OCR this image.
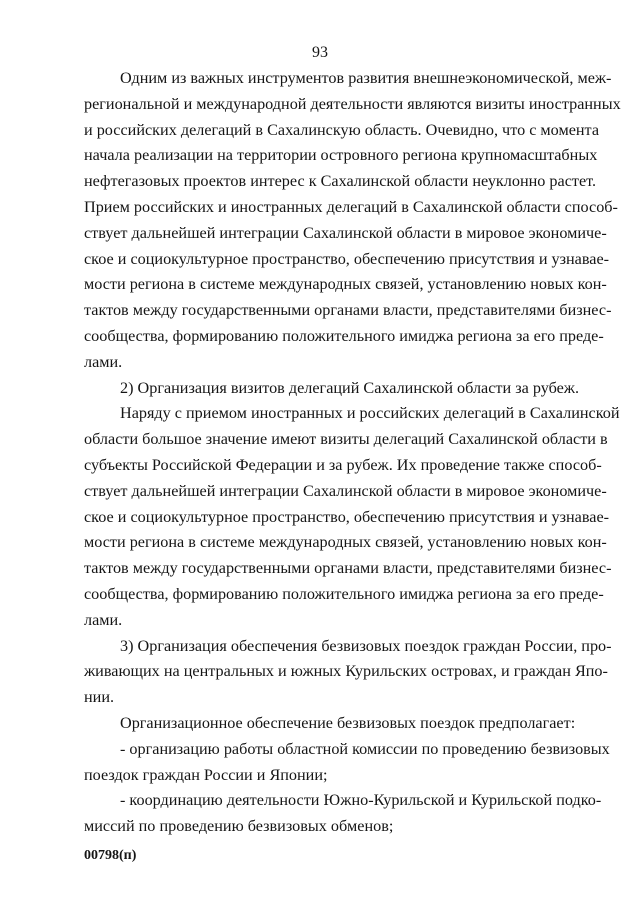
93
Одним из важных инструментов развития внешнеэкономической, меж-
региональной и международной деятельности являются визиты иностранных
и российских делегаций в Сахалинскую область. Очевидно, что с момента
начала реализации на территории островного региона крупномасштабных
нефтегазовых проектов интерес к Сахалинской области неуклонно растет.
Прием российских и иностранных делегаций в Сахалинской области способ-
ствует дальнейшей интеграции Сахалинской области в мировое экономиче-
ское и социокультурное пространство, обеспечению присутствия и узнавае-
мости региона в системе международных связей, установлению новых кон-
тактов между государственными органами власти, представителями бизнес-
сообщества, формированию положительного имиджа региона за его преде-
лами.
2) Организация визитов делегаций Сахалинской области за рубеж.
Наряду с приемом иностранных и российских делегаций в Сахалинской
области большое значение имеют визиты делегаций Сахалинской области в
субъекты Российской Федерации и за рубеж. Их проведение также способ-
ствует дальнейшей интеграции Сахалинской области в мировое экономиче-
ское и социокультурное пространство, обеспечению присутствия и узнавае-
мости региона в системе международных связей, установлению новых кон-
тактов между государственными органами власти, представителями бизнес-
сообщества, формированию положительного имиджа региона за его преде-
лами.
3) Организация обеспечения безвизовых поездок граждан России, про-
живающих на центральных и южных Курильских островах, и граждан Япо-
нии.
Организационное обеспечение безвизовых поездок предполагает:
- организацию работы областной комиссии по проведению безвизовых
поездок граждан России и Японии;
- координацию деятельности Южно-Курильской и Курильской подко-
миссий по проведению безвизовых обменов;
00798(п)
